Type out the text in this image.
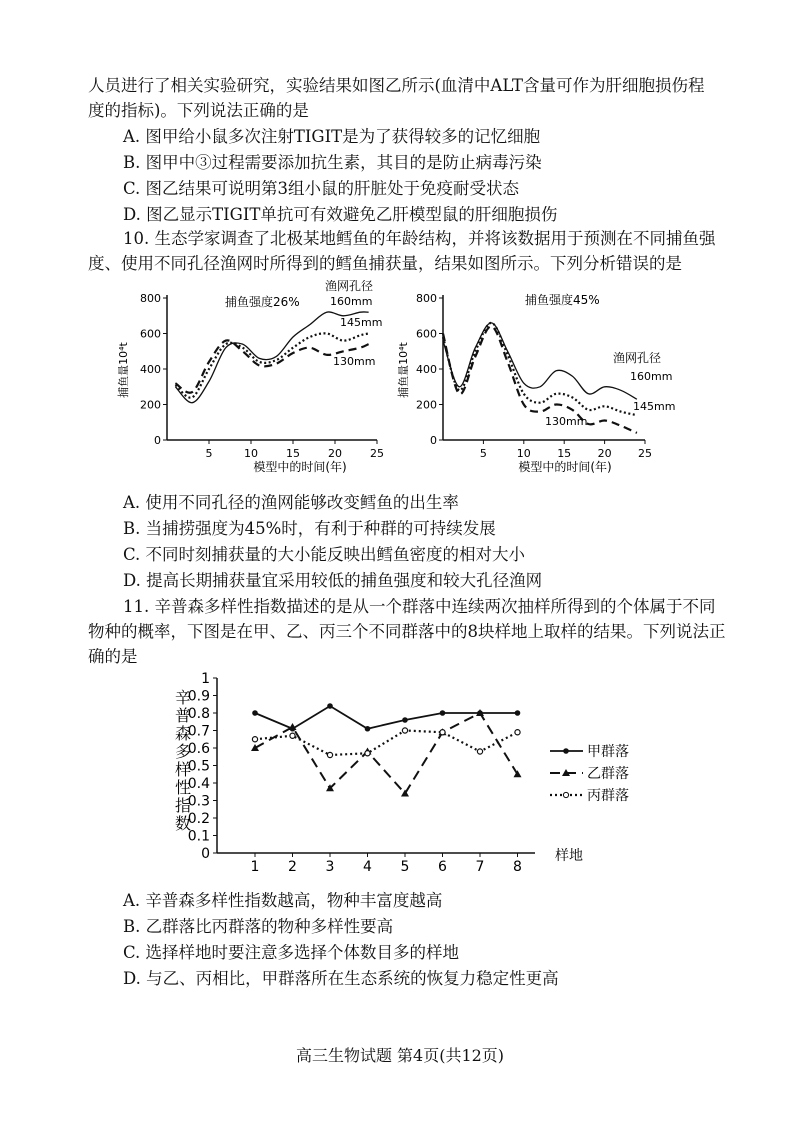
人员进行了相关实验研究，实验结果如图乙所示(血清中ALT含量可作为肝细胞损伤程
度的指标)。下列说法正确的是
A. 图甲给小鼠多次注射TIGIT是为了获得较多的记忆细胞
B. 图甲中③过程需要添加抗生素，其目的是防止病毒污染
C. 图乙结果可说明第3组小鼠的肝脏处于免疫耐受状态
D. 图乙显示TIGIT单抗可有效避免乙肝模型鼠的肝细胞损伤
10. 生态学家调查了北极某地鳕鱼的年龄结构，并将该数据用于预测在不同捕鱼强
度、使用不同孔径渔网时所得到的鳕鱼捕获量，结果如图所示。下列分析错误的是
捕鱼量10⁴t
0
200
400
600
800
5	10	15	20	25
捕鱼强度26%
渔网孔径
160mm
145mm
130mm
模型中的时间(年)
捕鱼量10⁴t
0
200
400
600
800
5	10 15 20 25
捕鱼强度45%
渔网孔径
160mm
145mm
130mm
模型中的时间(年)
A. 使用不同孔径的渔网能够改变鳕鱼的出生率
B. 当捕捞强度为45%时，有利于种群的可持续发展
C. 不同时刻捕获量的大小能反映出鳕鱼密度的相对大小
D. 提高长期捕获量宜采用较低的捕鱼强度和较大孔径渔网
11. 辛普森多样性指数描述的是从一个群落中连续两次抽样所得到的个体属于不同
物种的概率，下图是在甲、乙、丙三个不同群落中的8块样地上取样的结果。下列说法正
确的是
辛
普
森
多
样
性
指
数
0
0.1
0.2
0.3
0.4
0.5
0.6
0.7
0.8
0.9
1
1 2 3 4 5 6 7 8
样地
甲群落
乙群落
丙群落
A. 辛普森多样性指数越高，物种丰富度越高
B. 乙群落比丙群落的物种多样性要高
C. 选择样地时要注意多选择个体数目多的样地
D. 与乙、丙相比，甲群落所在生态系统的恢复力稳定性更高
高三生物试题 第4页(共12页)
